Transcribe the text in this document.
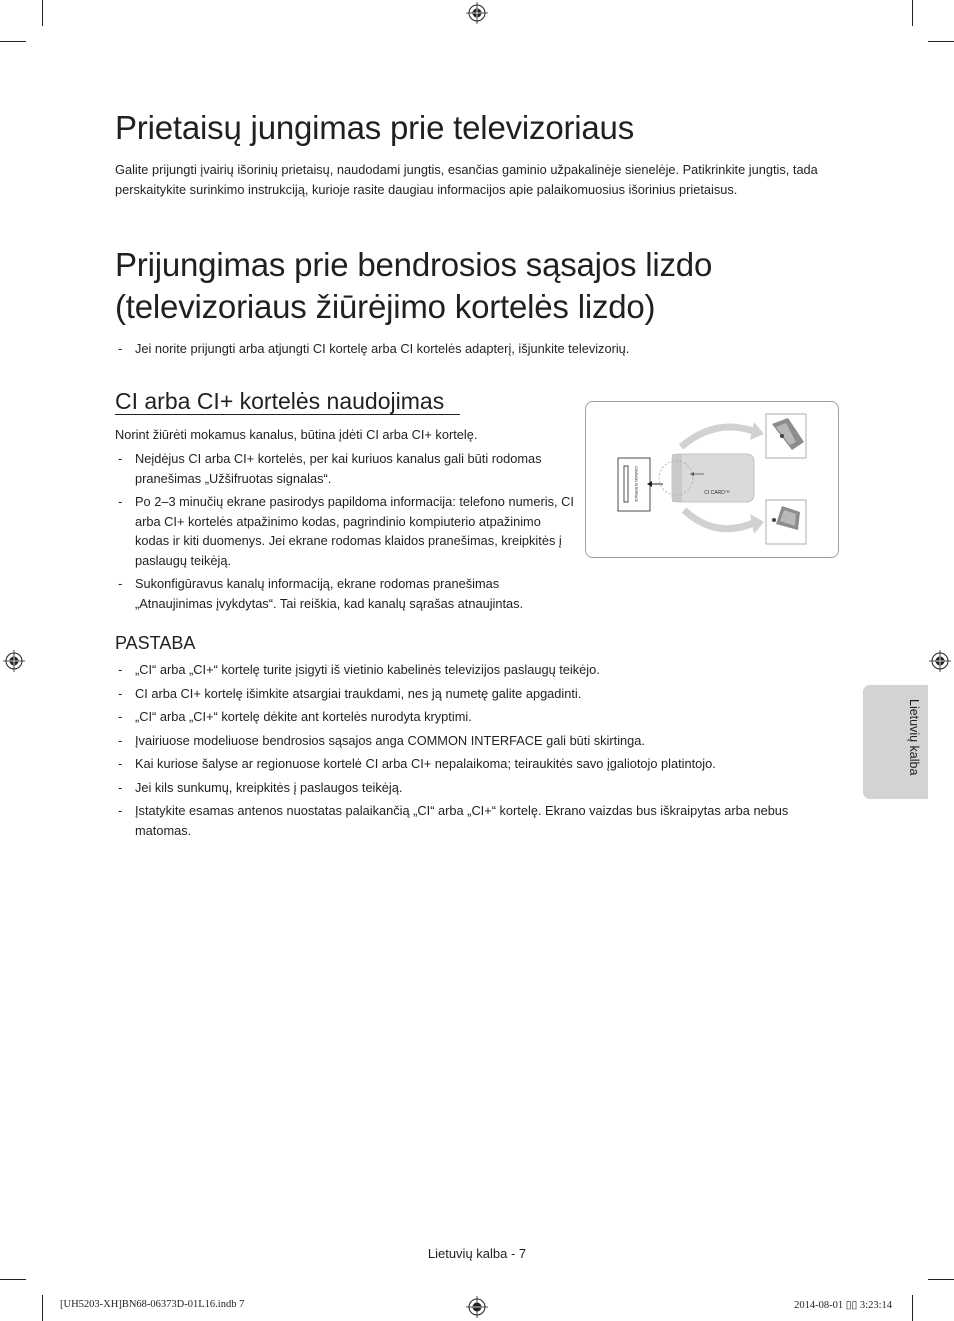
Prietaisų jungimas prie televizoriaus

Galite prijungti įvairių išorinių prietaisų, naudodami jungtis, esančias gaminio užpakalinėje sienelėje. Patikrinkite jungtis, tada perskaitykite surinkimo instrukciją, kurioje rasite daugiau informacijos apie palaikomuosius išorinius prietaisus.

Prijungimas prie bendrosios sąsajos lizdo
(televizoriaus žiūrėjimo kortelės lizdo)
- Jei norite prijungti arba atjungti CI kortelę arba CI kortelės adapterį, išjunkite televizorių.
CI arba CI+ kortelės naudojimas
Norint žiūrėti mokamus kanalus, būtina įdėti CI arba CI+ kortelę.
- Neįdėjus CI arba CI+ kortelės, per kai kuriuos kanalus gali būti rodomas pranešimas „Užšifruotas signalas“.
- Po 2–3 minučių ekrane pasirodys papildoma informacija: telefono numeris, CI arba CI+ kortelės atpažinimo kodas, pagrindinio kompiuterio atpažinimo kodas ir kiti duomenys. Jei ekrane rodomas klaidos pranešimas, kreipkitės į paslaugų teikėją.
- Sukonfigūravus kanalų informaciją, ekrane rodomas pranešimas „Atnaujinimas įvykdytas“. Tai reiškia, kad kanalų sąrašas atnaujintas.
COMMON INTERFACE	CI CARD™
PASTABA
- „CI“ arba „CI+“ kortelę turite įsigyti iš vietinio kabelinės televizijos paslaugų teikėjo.
- CI arba CI+ kortelę išimkite atsargiai traukdami, nes ją numetę galite apgadinti.
- „CI“ arba „CI+“ kortelę dėkite ant kortelės nurodyta kryptimi.
- Įvairiuose modeliuose bendrosios sąsajos anga COMMON INTERFACE gali būti skirtinga.
- Kai kuriose šalyse ar regionuose kortelė CI arba CI+ nepalaikoma; teiraukitės savo įgaliotojo platintojo.
- Jei kils sunkumų, kreipkitės į paslaugos teikėją.
- Įstatykite esamas antenos nuostatas palaikančią „CI“ arba „CI+“ kortelę. Ekrano vaizdas bus iškraipytas arba nebus matomas.
Lietuvių kalba
Lietuvių kalba - 7
[UH5203-XH]BN68-06373D-01L16.indb 7	2014-08-01 ▯▯ 3:23:14
